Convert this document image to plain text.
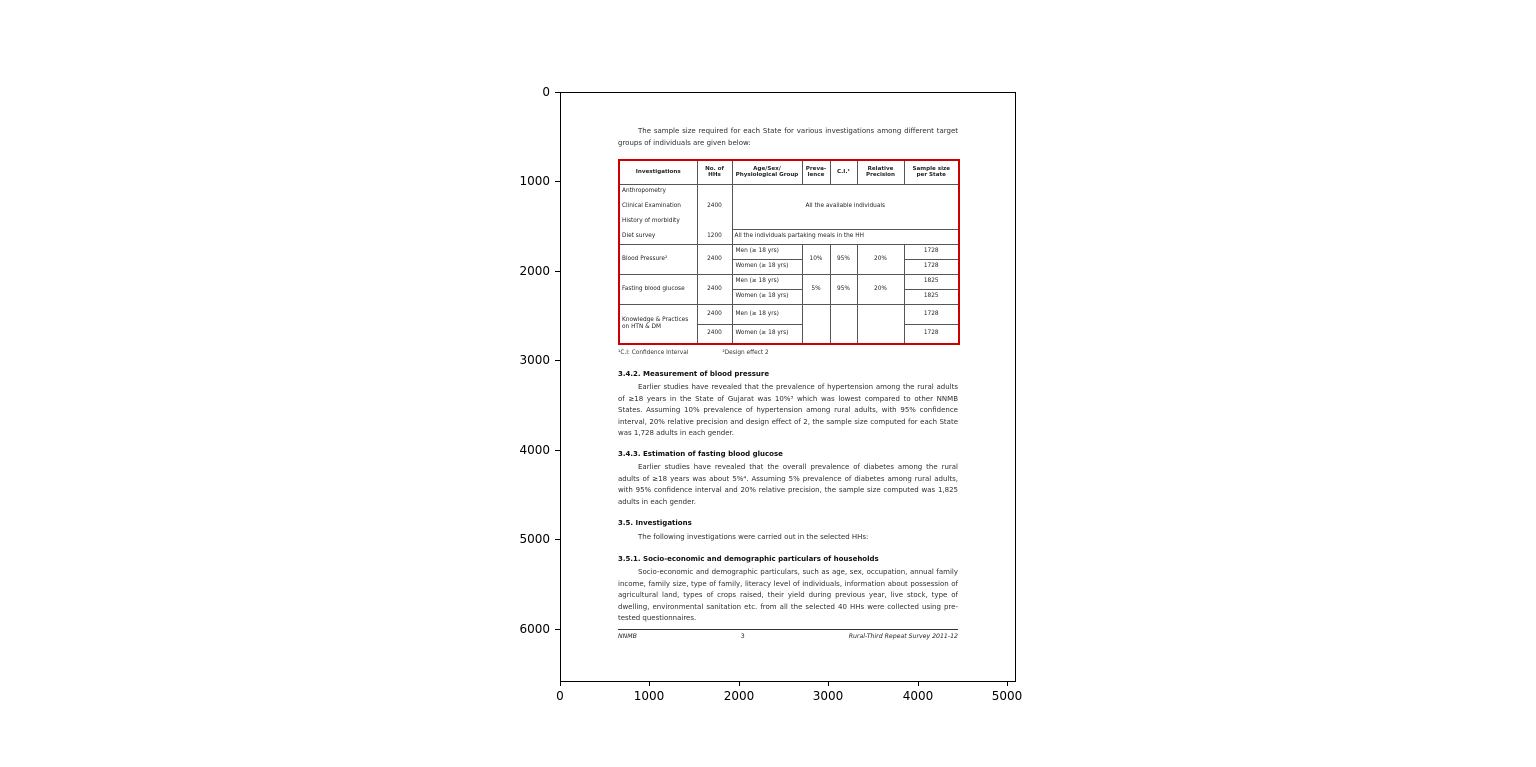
0	1000	2000	3000	4000	5000
0
1000
2000
3000
4000
5000
6000
The sample size required for each State for various investigations among different target groups of individuals are given below:
Investigations	No. of HHs	Age/Sex/ Physiological Group	Preva- lence	C.I.¹	Relative Precision	Sample size per State
Anthropometry		All the available individuals				
Clinical Examination	2400					
History of morbidity						
Diet survey	1200	All the individuals partaking meals in the HH				
Blood Pressure²	2400	Men (≥ 18 yrs)	10%	95%	20%	1728
		Women (≥ 18 yrs)				1728
Fasting blood glucose	2400	Men (≥ 18 yrs)	5%	95%	20%	1825
		Women (≥ 18 yrs)				1825
Knowledge & Practices on HTN & DM	2400	Men (≥ 18 yrs)				1728
	2400	Women (≥ 18 yrs)				1728
¹C.I: Confidence Interval	²Design effect 2
3.4.2. Measurement of blood pressure
Earlier studies have revealed that the prevalence of hypertension among the rural adults of ≥18 years in the State of Gujarat was 10%³ which was lowest compared to other NNMB States. Assuming 10% prevalence of hypertension among rural adults, with 95% confidence interval, 20% relative precision and design effect of 2, the sample size computed for each State was 1,728 adults in each gender.
3.4.3. Estimation of fasting blood glucose
Earlier studies have revealed that the overall prevalence of diabetes among the rural adults of ≥18 years was about 5%⁴. Assuming 5% prevalence of diabetes among rural adults, with 95% confidence interval and 20% relative precision, the sample size computed was 1,825 adults in each gender.
3.5. Investigations
The following investigations were carried out in the selected HHs:
3.5.1. Socio-economic and demographic particulars of households
Socio-economic and demographic particulars, such as age, sex, occupation, annual family income, family size, type of family, literacy level of individuals, information about possession of agricultural land, types of crops raised, their yield during previous year, live stock, type of dwelling, environmental sanitation etc. from all the selected 40 HHs were collected using pre-tested questionnaires.
NNMB	3	Rural-Third Repeat Survey 2011-12
